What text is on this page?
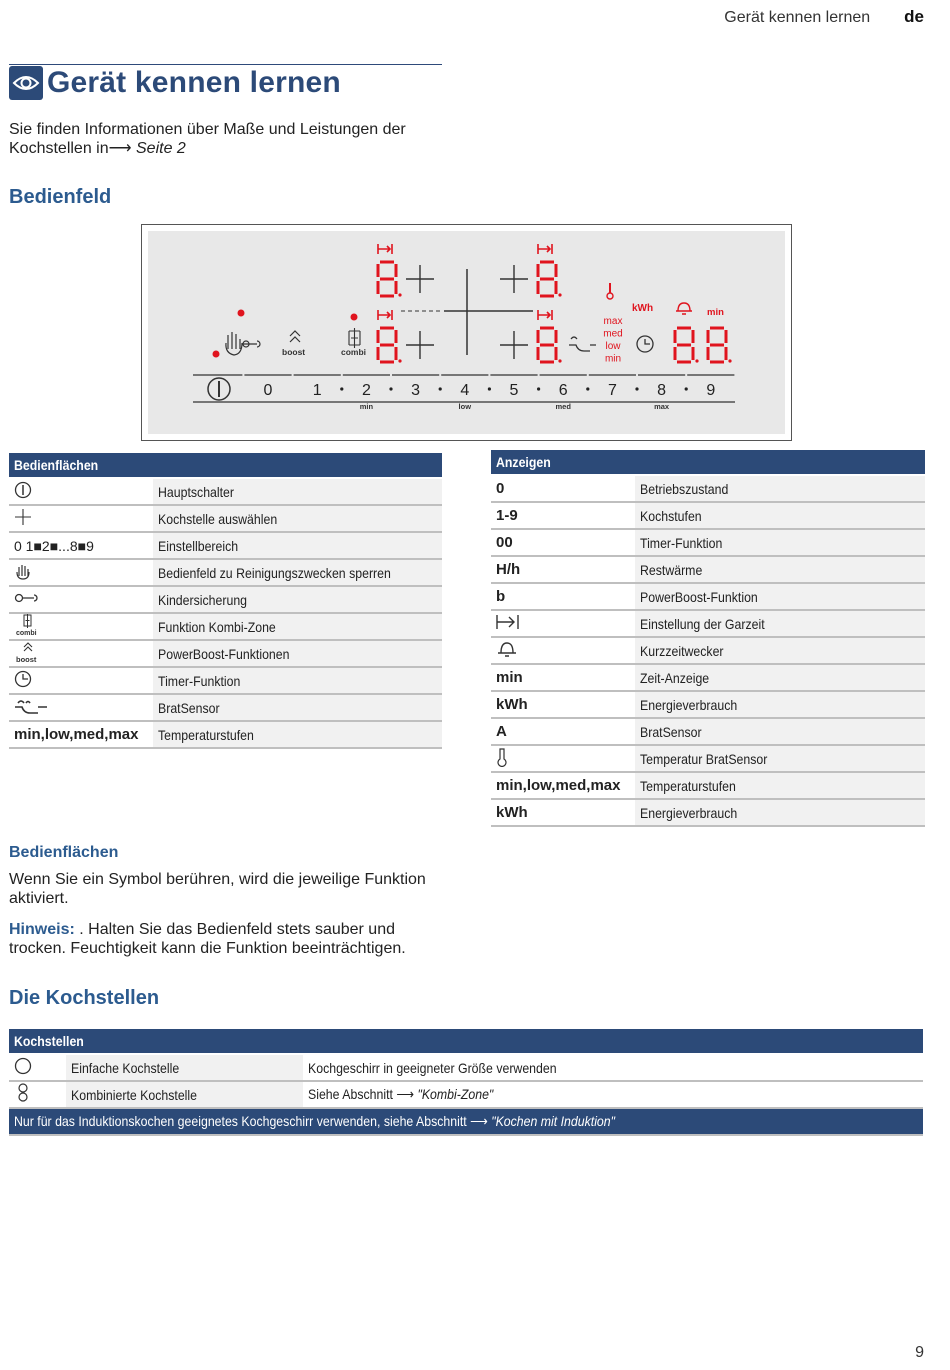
Gerät kennen lernen de
Gerät kennen lernen

Sie finden Informationen über Maße und Leistungen der Kochstellen in⟶ Seite 2

Bedienfeld
boost	combi
max
med
low
min
kWh	min
0	1	2	3	4	5	6	7	8	9
min	low	med	max
Bedienflächen	
	Hauptschalter
	Kochstelle auswählen
0 1■2■...8■9	Einstellbereich
	Bedienfeld zu Reinigungszwecken sperren
	Kindersicherung

combi	Funktion Kombi-Zone

boost	PowerBoost-Funktionen
	Timer-Funktion
	BratSensor
min,low,med,max	Temperaturstufen
Anzeigen	
0	Betriebszustand
1-9	Kochstufen
00	Timer-Funktion
H/h	Restwärme
b	PowerBoost-Funktion
	Einstellung der Garzeit
	Kurzzeitwecker
min	Zeit-Anzeige
kWh	Energieverbrauch
A	BratSensor
	Temperatur BratSensor
min,low,med,max	Temperaturstufen
kWh	Energieverbrauch
Bedienflächen

Wenn Sie ein Symbol berühren, wird die jeweilige Funktion aktiviert.

Hinweis: . Halten Sie das Bedienfeld stets sauber und trocken. Feuchtigkeit kann die Funktion beeinträchtigen.

Die Kochstellen
Kochstellen		
	Einfache Kochstelle	Kochgeschirr in geeigneter Größe verwenden
	Kombinierte Kochstelle	Siehe Abschnitt ⟶ "Kombi-Zone"
Nur für das Induktionskochen geeignetes Kochgeschirr verwenden, siehe Abschnitt ⟶ "Kochen mit Induktion"		
9
